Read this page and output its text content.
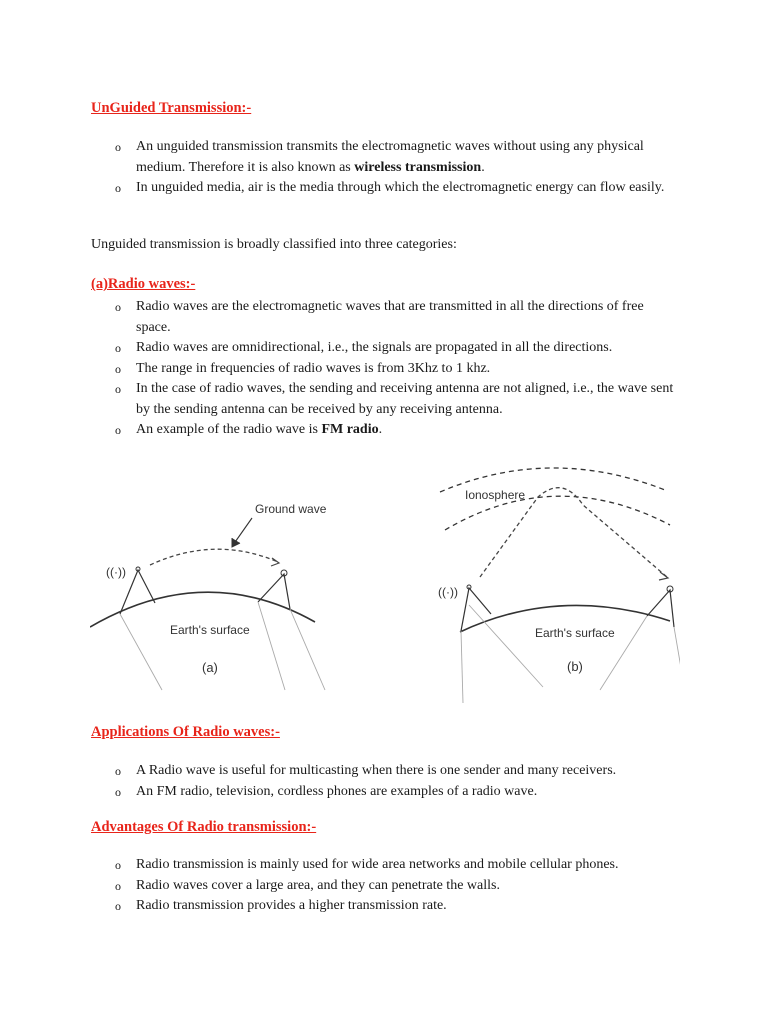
UnGuided Transmission:-
o An unguided transmission transmits the electromagnetic waves without using any physical medium. Therefore it is also known as wireless transmission.
o In unguided media, air is the media through which the electromagnetic energy can flow easily.
Unguided transmission is broadly classified into three categories:
(a)Radio waves:-
o Radio waves are the electromagnetic waves that are transmitted in all the directions of free space.
o Radio waves are omnidirectional, i.e., the signals are propagated in all the directions.
o The range in frequencies of radio waves is from 3Khz to 1 khz.
o In the case of radio waves, the sending and receiving antenna are not aligned, i.e., the wave sent by the sending antenna can be received by any receiving antenna.
o An example of the radio wave is FM radio.
((·))
Ground wave
Earth's surface
(a)
Ionosphere
((·))
Earth's surface
(b)
Applications Of Radio waves:-
o A Radio wave is useful for multicasting when there is one sender and many receivers.
o An FM radio, television, cordless phones are examples of a radio wave.
Advantages Of Radio transmission:-
o Radio transmission is mainly used for wide area networks and mobile cellular phones.
o Radio waves cover a large area, and they can penetrate the walls.
o Radio transmission provides a higher transmission rate.
